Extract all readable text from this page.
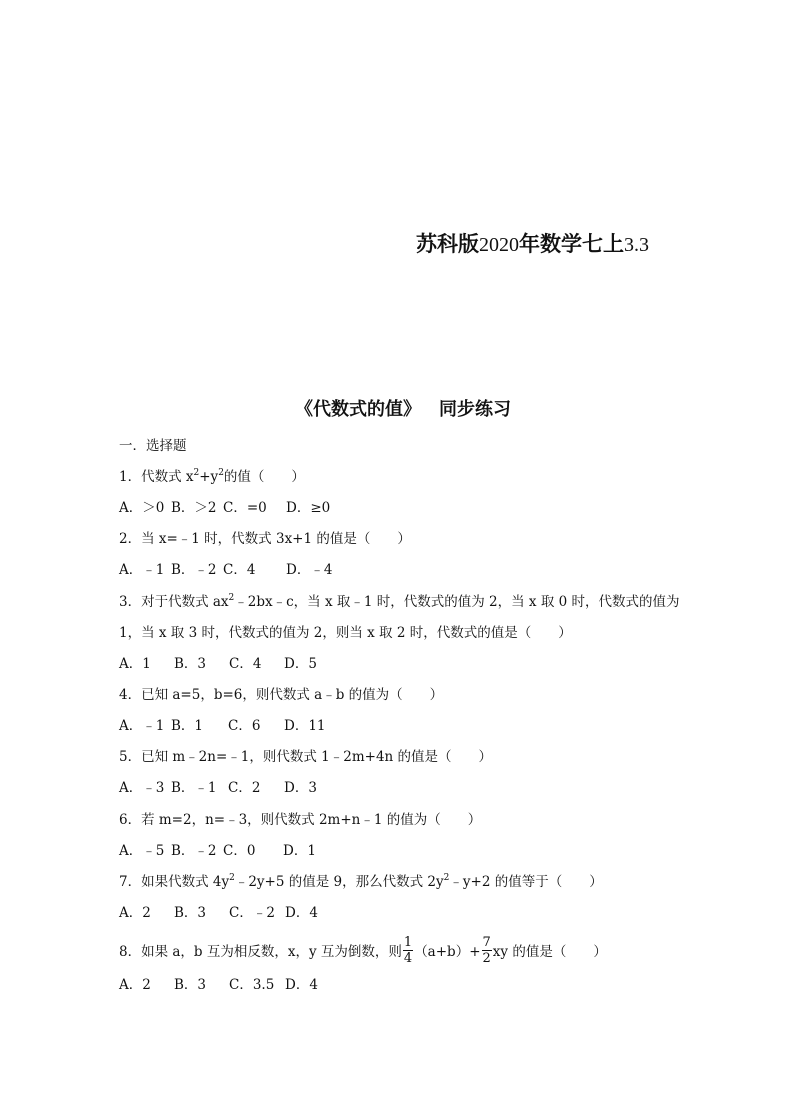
苏科版2020年数学七上3.3
《代数式的值》 同步练习
一．选择题
1．代数式 $x^2+y^2$的值（　　）
A．＞0 B．＞2 C．=0 D．≥0
2．当 x=﹣1 时，代数式 3x+1 的值是（　　）
A．﹣1 B．﹣2 C．4 D．﹣4
3．对于代数式 $ax^2﹣2bx﹣c$，当 x 取﹣1 时，代数式的值为 2，当 x 取 0 时，代数式的值为
1，当 x 取 3 时，代数式的值为 2，则当 x 取 2 时，代数式的值是（　　）
A．1 B．3 C．4 D．5
4．已知 a=5，b=6，则代数式 a﹣b 的值为（　　）
A．﹣1 B．1 C．6 D．11
5．已知 m﹣2n=﹣1，则代数式 1﹣2m+4n 的值是（　　）
A．﹣3 B．﹣1 C．2 D．3
6．若 m=2，n=﹣3，则代数式 2m+n﹣1 的值为（　　）
A．﹣5 B．﹣2 C．0 D．1
7．如果代数式 $4y^2﹣2y+5$ 的值是 9，那么代数式 $2y^2﹣y+2$ 的值等于（　　）
A．2 B．3 C．﹣2 D．4
8．如果 a，b 互为相反数，x，y 互为倒数，则 $\frac{1}{4} (a+b)+ \frac{7}{2}$ xy 的值是（　　）
A．2 B．3 C．3.5 D．4
